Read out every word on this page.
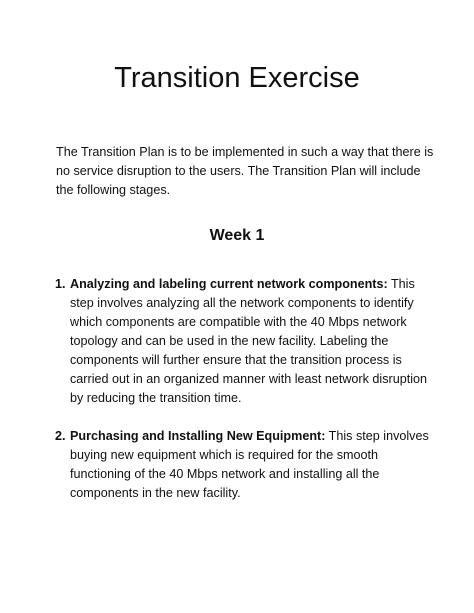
Transition Exercise

The Transition Plan is to be implemented in such a way that there is no service disruption to the users. The Transition Plan will include the following stages.

Week 1
1. Analyzing and labeling current network components: This step involves analyzing all the network components to identify which components are compatible with the 40 Mbps network topology and can be used in the new facility. Labeling the components will further ensure that the transition process is carried out in an organized manner with least network disruption by reducing the transition time.
2. Purchasing and Installing New Equipment: This step involves buying new equipment which is required for the smooth functioning of the 40 Mbps network and installing all the components in the new facility.
